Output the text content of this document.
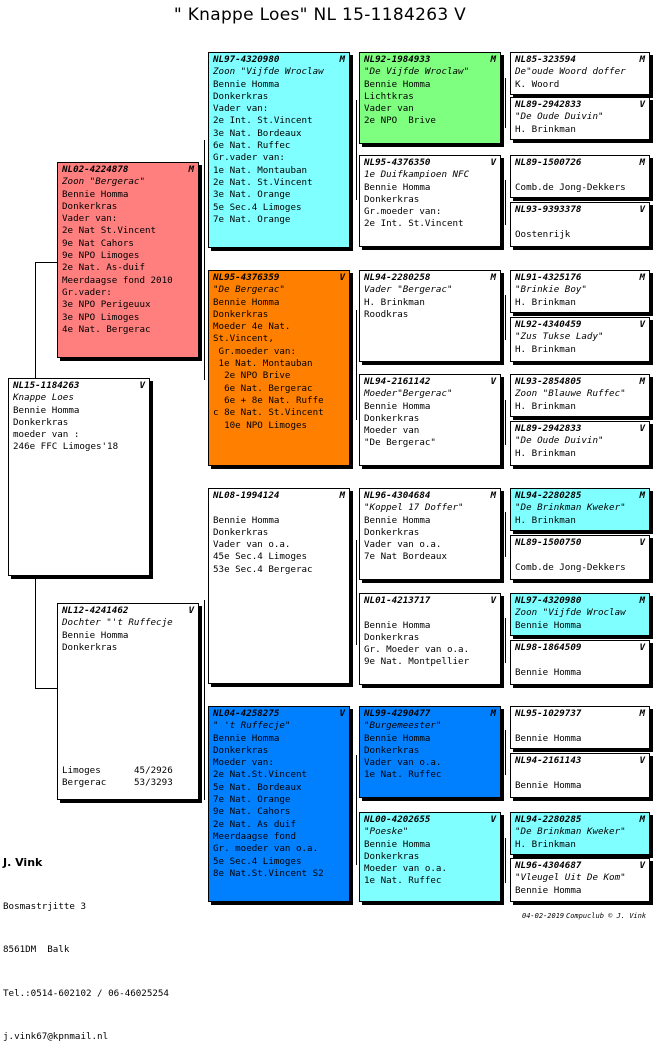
" Knappe Loes" NL 15-1184263 V
NL 15-1184263	V
Knappe Loes
Bennie Homma
Donkerkras
moeder van :
246e FFC Limoges'18
NL 02-4224878	M
Zoon "Bergerac"
Bennie Homma
Donkerkras
Vader van:
2e Nat St.Vincent
9e Nat Cahors
9e NPO Limoges
2e Nat. As-duif
Meerdaagse fond 2010
Gr.vader:
3e NPO Perigeuux
3e NPO Limoges
4e Nat. Bergerac
NL 12-4241462	V
Dochter "'t Ruffecje
Bennie Homma
Donkerkras
Limoges	45/2926
Bergerac	53/3293
NL 97-4320980	M
Zoon "Vijfde Wroclaw
Bennie Homma
Donkerkras
Vader van:
2e Int. St.Vincent
3e Nat. Bordeaux
6e Nat. Ruffec
Gr.vader van:
1e Nat. Montauban
2e Nat. St.Vincent
3e Nat. Orange
5e Sec.4 Limoges
7e Nat. Orange
NL 95-4376359	V
"De Bergerac"
Bennie Homma
Donkerkras
Moeder 4e Nat.
St.Vincent,
Gr.moeder van:
1e Nat. Montauban
2e NPO Brive
6e Nat. Bergerac
6e + 8e Nat. Ruffe
c 8e Nat. St.Vincent
10e NPO Limoges
NL 08-1994124	M
Bennie Homma
Donkerkras
Vader van o.a.
45e Sec.4 Limoges
53e Sec.4 Bergerac
NL 04-4258275	V
" 't Ruffecje"
Bennie Homma
Donkerkras
Moeder van:
2e Nat.St.Vincent
5e Nat. Bordeaux
7e Nat. Orange
9e Nat. Cahors
2e Nat. As duif
Meerdaagse fond
Gr. moeder van o.a.
5e Sec.4 Limoges
8e Nat.St.Vincent S2
NL 92-1984933	M
"De Vijfde Wroclaw"
Bennie Homma
Lichtkras
Vader van
2e NPO  Brive
NL 95-4376350	V
1e Duifkampioen NFC
Bennie Homma
Donkerkras
Gr.moeder van:
2e Int. St.Vincent
NL 94-2280258	M
Vader "Bergerac"
H. Brinkman
Roodkras
NL 94-2161142	V
Moeder"Bergerac"
Bennie Homma
Donkerkras
Moeder van
"De Bergerac"
NL 96-4304684	M
"Koppel 17 Doffer"
Bennie Homma
Donkerkras
Vader van o.a.
7e Nat Bordeaux
NL 01-4213717	V
Bennie Homma
Donkerkras
Gr. Moeder van o.a.
9e Nat. Montpellier
NL 99-4290477	M
"Burgemeester"
Bennie Homma
Donkerkras
Vader van o.a.
1e Nat. Ruffec
NL 00-4202655	V
"Poeske"
Bennie Homma
Donkerkras
Moeder van o.a.
1e Nat. Ruffec
NL 85-323594	M
De"oude Woord doffer
K. Woord
NL 89-2942833	V
"De Oude Duivin"
H. Brinkman
NL 89-1500726	M
Comb.de Jong-Dekkers
NL 93-9393378	V
Oostenrijk
NL 91-4325176	M
"Brinkie Boy"
H. Brinkman
NL 92-4340459	V
"Zus Tukse Lady"
H. Brinkman
NL 93-2854805	M
Zoon "Blauwe Ruffec"
H. Brinkman
NL 89-2942833	V
"De Oude Duivin"
H. Brinkman
NL 94-2280285	M
"De Brinkman Kweker"
H. Brinkman
NL 89-1500750	V
Comb.de Jong-Dekkers
NL 97-4320980	M
Zoon "Vijfde Wroclaw
Bennie Homma
NL 98-1864509	V
Bennie Homma
NL 95-1029737	M
Bennie Homma
NL 94-2161143	V
Bennie Homma
NL 94-2280285	M
"De Brinkman Kweker"
H. Brinkman
NL 96-4304687	V
"Vleugel Uit De Kom"
Bennie Homma

J. Vink

Bosmastrjitte 3

8561DM  Balk

Tel.:0514-602102 / 06-46025254

j.vink67@kpnmail.nl

04-02-2019 Compuclub © J. Vink
